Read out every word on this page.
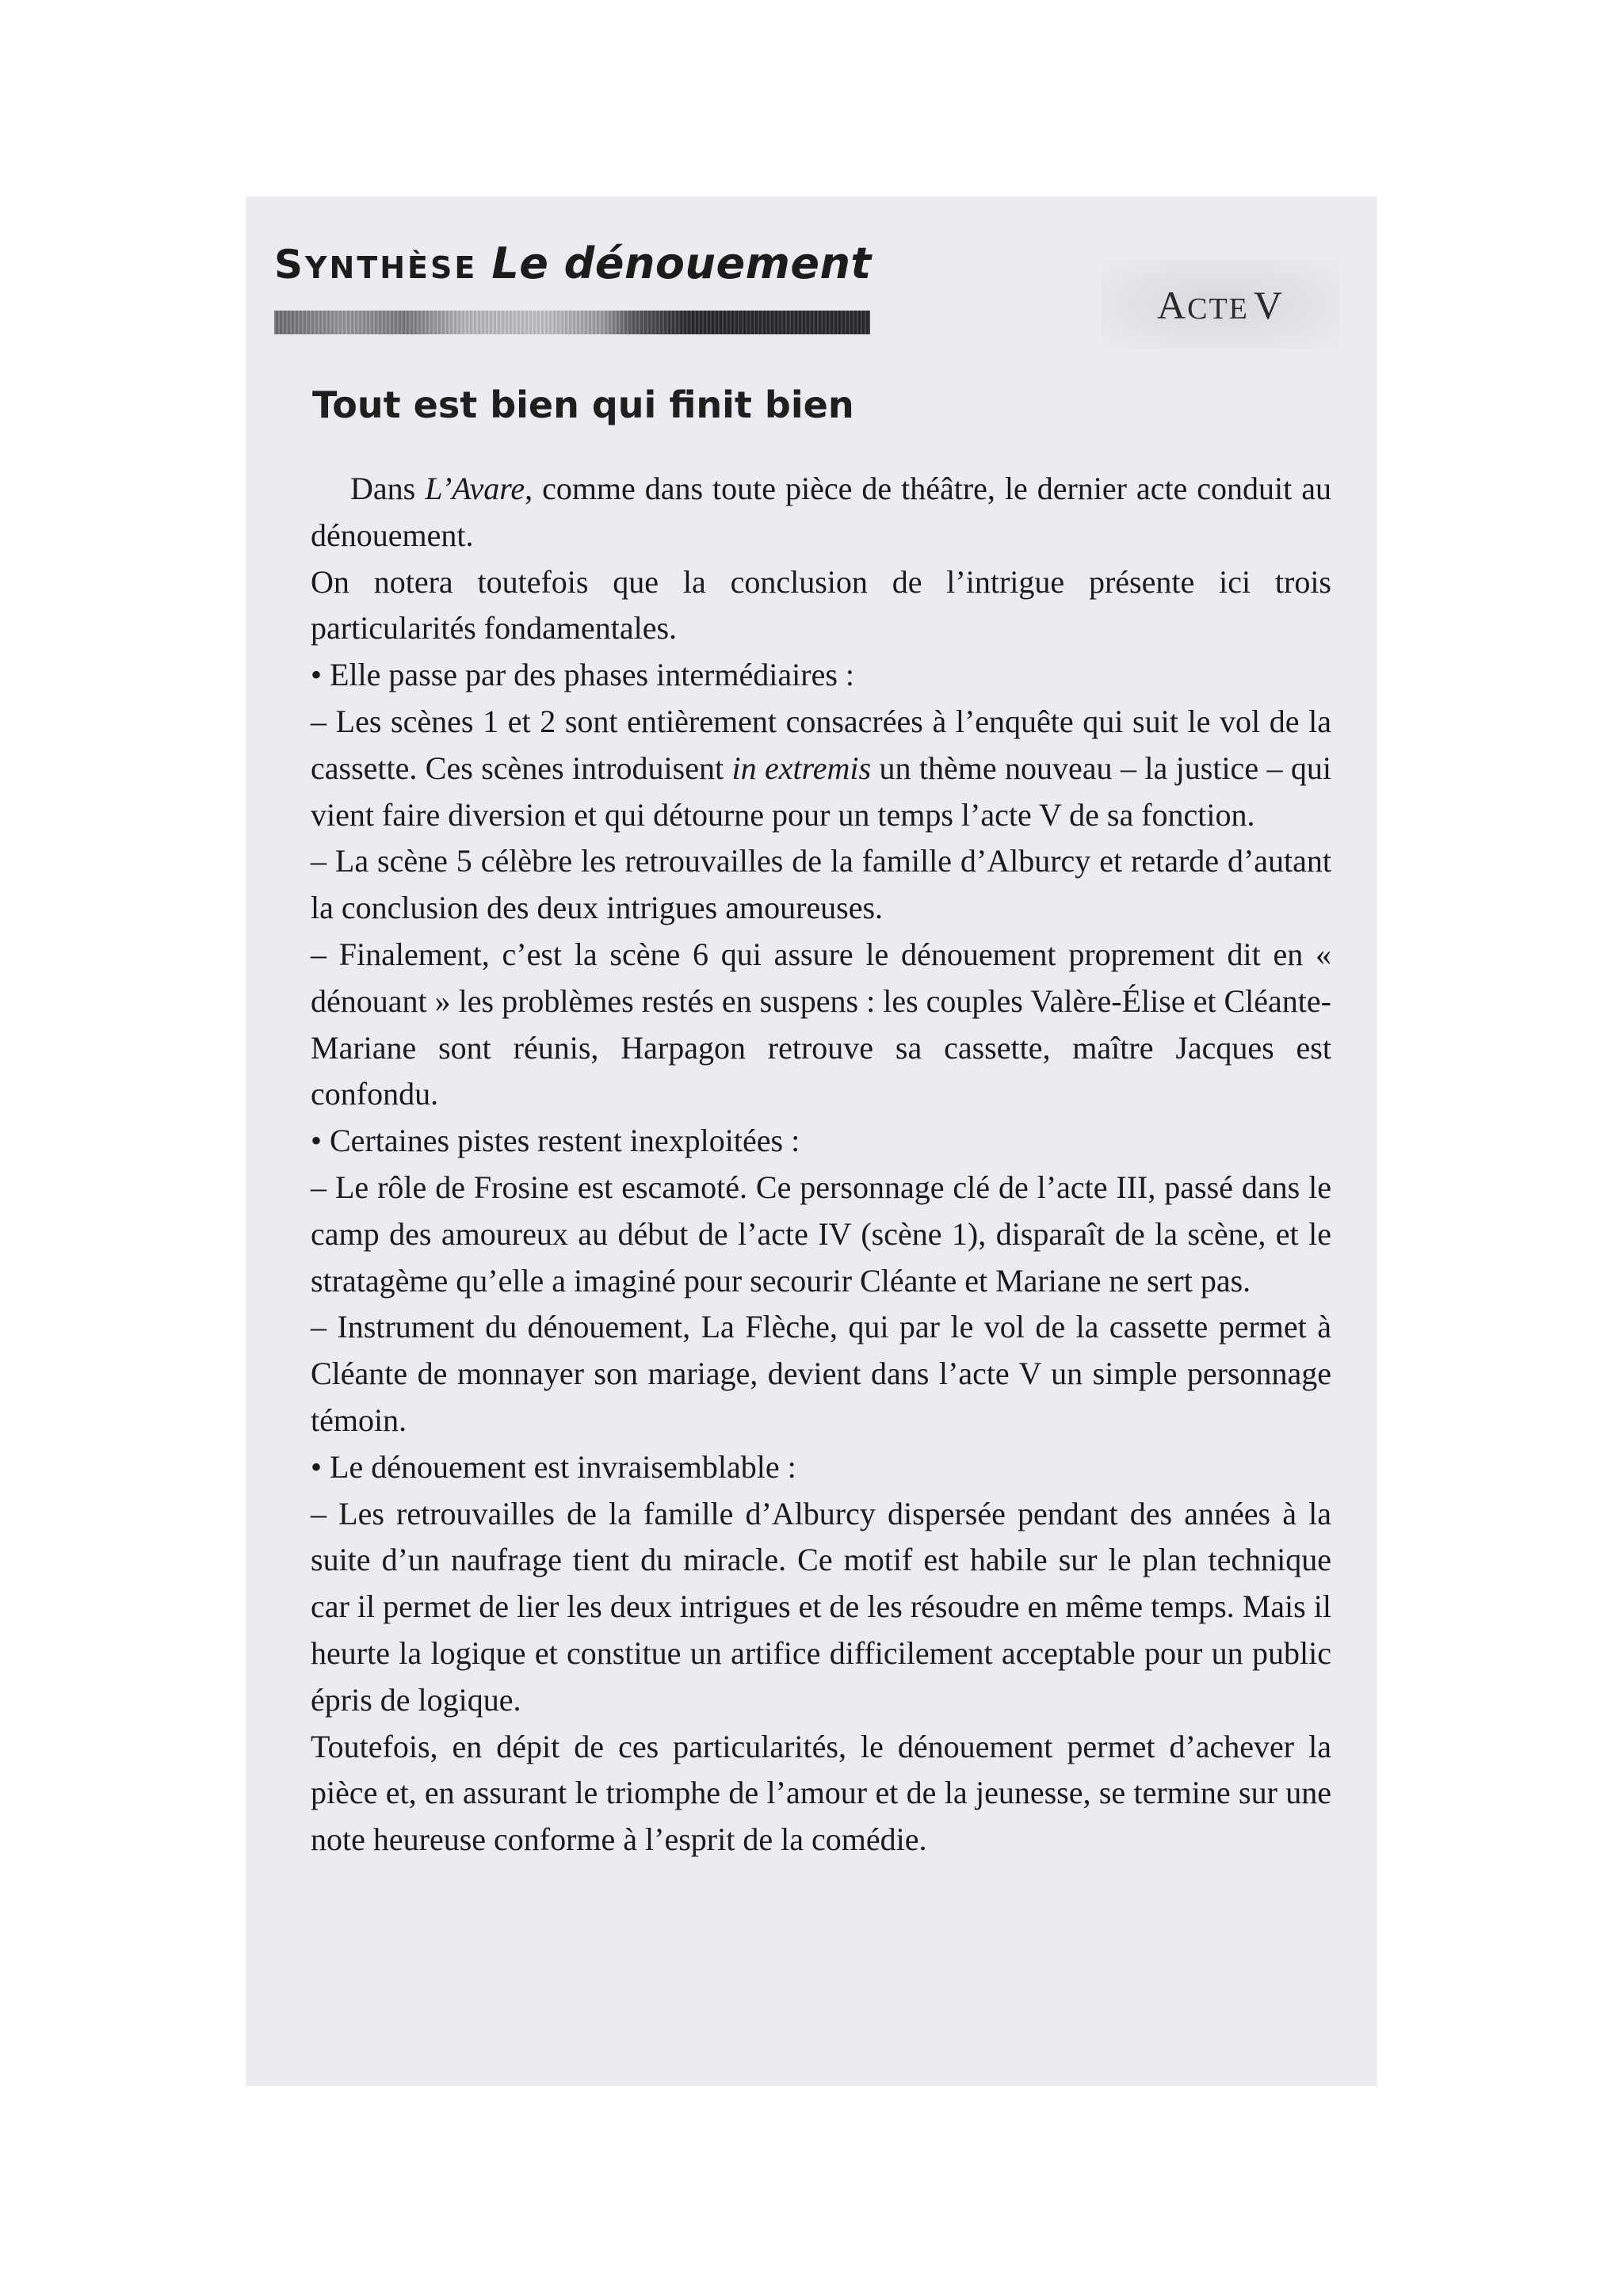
SYNTHÈSE Le dénouement
ACTE V
Tout est bien qui finit bien

Dans L’Avare, comme dans toute pièce de théâtre, le dernier acte conduit au dénouement.

On notera toutefois que la conclusion de l’intrigue présente ici trois particularités fondamentales.

• Elle passe par des phases intermédiaires :

– Les scènes 1 et 2 sont entièrement consacrées à l’enquête qui suit le vol de la cassette. Ces scènes introduisent in extremis un thème nouveau – la justice – qui vient faire diversion et qui détourne pour un temps l’acte V de sa fonction.

– La scène 5 célèbre les retrouvailles de la famille d’Alburcy et retarde d’autant la conclusion des deux intrigues amoureuses.

– Finalement, c’est la scène 6 qui assure le dénouement proprement dit en « dénouant » les problèmes restés en suspens : les couples Valère-Élise et Cléante-Mariane sont réunis, Harpagon retrouve sa cassette, maître Jacques est confondu.

• Certaines pistes restent inexploitées :

– Le rôle de Frosine est escamoté. Ce personnage clé de l’acte III, passé dans le camp des amoureux au début de l’acte IV (scène 1), disparaît de la scène, et le stratagème qu’elle a imaginé pour secourir Cléante et Mariane ne sert pas.

– Instrument du dénouement, La Flèche, qui par le vol de la cassette permet à Cléante de monnayer son mariage, devient dans l’acte V un simple personnage témoin.

• Le dénouement est invraisemblable :

– Les retrouvailles de la famille d’Alburcy dispersée pendant des années à la suite d’un naufrage tient du miracle. Ce motif est habile sur le plan technique car il permet de lier les deux intrigues et de les résoudre en même temps. Mais il heurte la logique et constitue un artifice difficilement acceptable pour un public épris de logique.

Toutefois, en dépit de ces particularités, le dénouement permet d’achever la pièce et, en assurant le triomphe de l’amour et de la jeunesse, se termine sur une note heureuse conforme à l’esprit de la comédie.
